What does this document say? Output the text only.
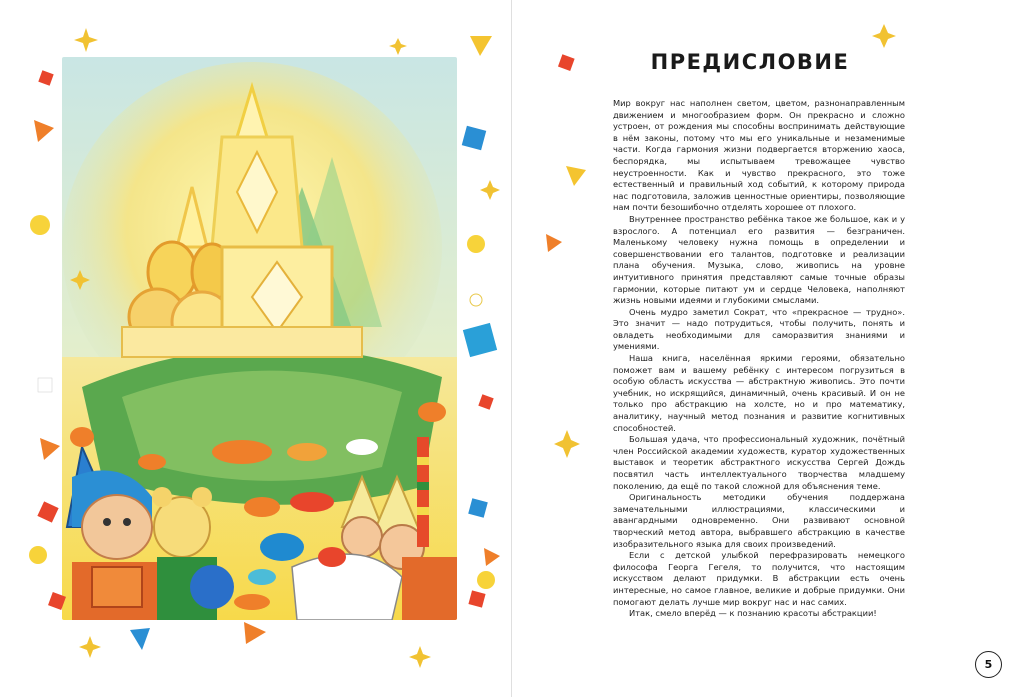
ПРЕДИСЛОВИЕ

Мир вокруг нас наполнен светом, цветом, разнонаправленным движением и многообразием форм. Он прекрасно и сложно устроен, от рождения мы способны воспринимать действующие в нём законы, потому что мы его уникальные и незаменимые части. Когда гармония жизни подвергается вторжению хаоса, беспорядка, мы испытываем тревожащее чувство неустроенности. Как и чувство прекрасного, это тоже естественный и правильный ход событий, к которому природа нас подготовила, заложив ценностные ориентиры, позволяющие нам почти безошибочно отделять хорошее от плохого.

Внутреннее пространство ребёнка такое же большое, как и у взрослого. А потенциал его развития — безграничен. Маленькому человеку нужна помощь в определении и совершенствовании его талантов, подготовке и реализации плана обучения. Музыка, слово, живопись на уровне интуитивного принятия представляют самые точные образы гармонии, которые питают ум и сердце Человека, наполняют жизнь новыми идеями и глубокими смыслами.

Очень мудро заметил Сократ, что «прекрасное — трудно». Это значит — надо потрудиться, чтобы получить, понять и овладеть необходимыми для саморазвития знаниями и умениями.

Наша книга, населённая яркими героями, обязательно поможет вам и вашему ребёнку с интересом погрузиться в особую область искусства — абстрактную живопись. Это почти учебник, но искрящийся, динамичный, очень красивый. И он не только про абстракцию на холсте, но и про математику, аналитику, научный метод познания и развитие когнитивных способностей.

Большая удача, что профессиональный художник, почётный член Российской академии художеств, куратор художественных выставок и теоретик абстрактного искусства Сергей Дождь посвятил часть интеллектуального творчества младшему поколению, да ещё по такой сложной для объяснения теме.

Оригинальность методики обучения поддержана замечательными иллюстрациями, классическими и авангардными одновременно. Они развивают основной творческий метод автора, выбравшего абстракцию в качестве изобразительного языка для своих произведений.

Если с детской улыбкой перефразировать немецкого философа Георга Гегеля, то получится, что настоящим искусством делают придумки. В абстракции есть очень интересные, но самое главное, великие и добрые придумки. Они помогают делать лучше мир вокруг нас и нас самих.

Итак, смело вперёд — к познанию красоты абстракции!

5
